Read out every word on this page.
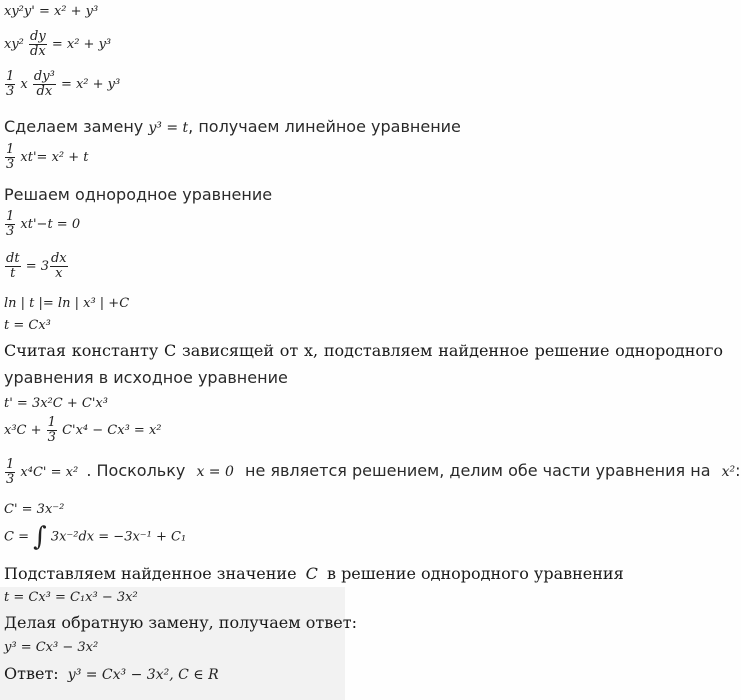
xy²y' = x² + y³
$xy^2 \frac{dy}{dx} = x^2 + y^3$
$\frac{1}{3}$ x $\frac{\text{dy³}}{dx} = x^2 + y^3$
Сделаем замену y³ = t, получаем линейное уравнение
$\frac{1}{3} xt'= x^2 + t$
Решаем однородное уравнение
$\frac{1}{3} xt'-t = 0$
$\frac{dt}{t} = 3 \frac{dx}{x}$
ln | t |= ln | x³ | +C
t = Cx³
Считая константу C зависящей от x, подставляем найденное решение однородного
уравнения в исходное уравнение
t' = 3x²C + C'x³
$x^3C + \frac{1}{3} C'x^4 - Cx^3 = x^2$
$\frac{1}{3} x^4C' = x^2$ . Поскольку x = 0 не является решением, делим обе части уравнения на x²:
C' = 3x⁻²
C = ∫ 3x⁻²dx = −3x⁻¹ + C₁
Подставляем найденное значение C в решение однородного уравнения
t = Cx³ = C₁x³ − 3x²
Делая обратную замену, получаем ответ:
y³ = Cx³ − 3x²
Ответ: y³ = Cx³ − 3x², C ∈ R
